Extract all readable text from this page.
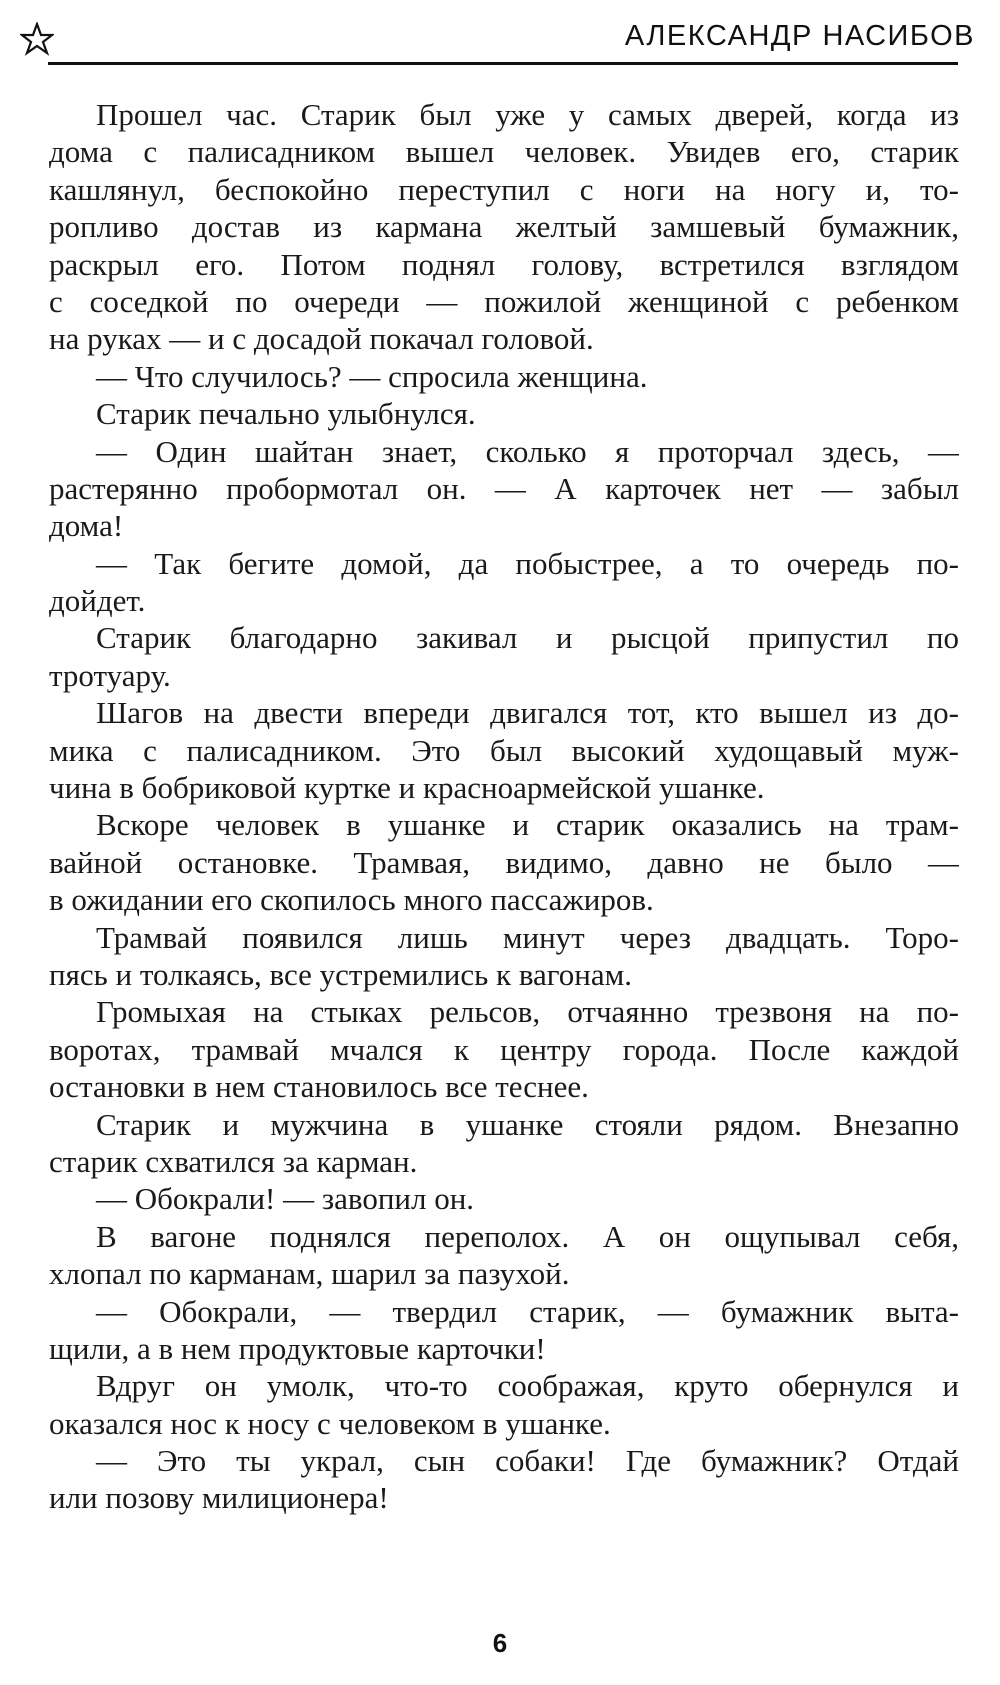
АЛЕКСАНДР НАСИБОВ
Прошел час. Старик был уже у самых дверей, когда из
дома с палисадником вышел человек. Увидев его, старик
кашлянул, беспокойно переступил с ноги на ногу и, то-
ропливо достав из кармана желтый замшевый бумажник,
раскрыл его. Потом поднял голову, встретился взглядом
с соседкой по очереди — пожилой женщиной с ребенком
на руках — и с досадой покачал головой.
— Что случилось? — спросила женщина.
Старик печально улыбнулся.
— Один шайтан знает, сколько я проторчал здесь, —
растерянно пробормотал он. — А карточек нет — забыл
дома!
— Так бегите домой, да побыстрее, а то очередь по-
дойдет.
Старик благодарно закивал и рысцой припустил по
тротуару.
Шагов на двести впереди двигался тот, кто вышел из до-
мика с палисадником. Это был высокий худощавый муж-
чина в бобриковой куртке и красноармейской ушанке.
Вскоре человек в ушанке и старик оказались на трам-
вайной остановке. Трамвая, видимо, давно не было —
в ожидании его скопилось много пассажиров.
Трамвай появился лишь минут через двадцать. Торо-
пясь и толкаясь, все устремились к вагонам.
Громыхая на стыках рельсов, отчаянно трезвоня на по-
воротах, трамвай мчался к центру города. После каждой
остановки в нем становилось все теснее.
Старик и мужчина в ушанке стояли рядом. Внезапно
старик схватился за карман.
— Обокрали! — завопил он.
В вагоне поднялся переполох. А он ощупывал себя,
хлопал по карманам, шарил за пазухой.
— Обокрали, — твердил старик, — бумажник выта-
щили, а в нем продуктовые карточки!
Вдруг он умолк, что-то соображая, круто обернулся и
оказался нос к носу с человеком в ушанке.
— Это ты украл, сын собаки! Где бумажник? Отдай
или позову милиционера!
6
